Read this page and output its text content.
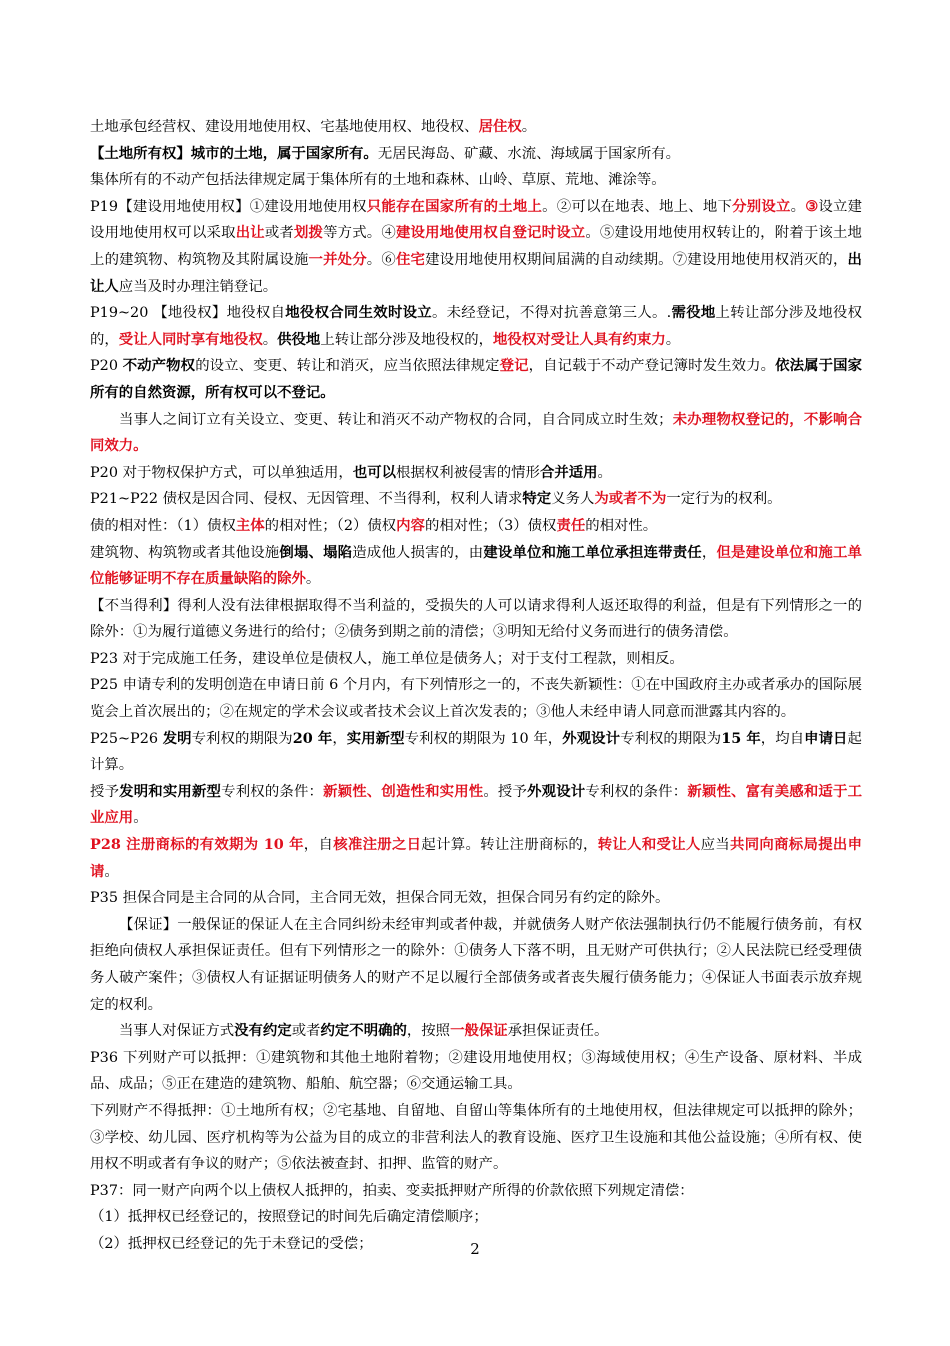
土地承包经营权、建设用地使用权、宅基地使用权、地役权、居住权。
【土地所有权】城市的土地，属于国家所有。无居民海岛、矿藏、水流、海域属于国家所有。
集体所有的不动产包括法律规定属于集体所有的土地和森林、山岭、草原、荒地、滩涂等。
P19【建设用地使用权】①建设用地使用权只能存在国家所有的土地上。②可以在地表、地上、地下分别设立。③设立建设用地使用权可以采取出让或者划拨等方式。④建设用地使用权自登记时设立。⑤建设用地使用权转让的，附着于该土地上的建筑物、构筑物及其附属设施一并处分。⑥住宅建设用地使用权期间届满的自动续期。⑦建设用地使用权消灭的，出让人应当及时办理注销登记。
P19~20 【地役权】地役权自地役权合同生效时设立。未经登记，不得对抗善意第三人。.需役地上转让部分涉及地役权的，受让人同时享有地役权。供役地上转让部分涉及地役权的，地役权对受让人具有约束力。
P20 不动产物权的设立、变更、转让和消灭，应当依照法律规定登记，自记载于不动产登记簿时发生效力。依法属于国家所有的自然资源，所有权可以不登记。
当事人之间订立有关设立、变更、转让和消灭不动产物权的合同，自合同成立时生效；未办理物权登记的，不影响合同效力。
P20 对于物权保护方式，可以单独适用，也可以根据权利被侵害的情形合并适用。
P21~P22 债权是因合同、侵权、无因管理、不当得利，权利人请求特定义务人为或者不为一定行为的权利。
债的相对性：（1）债权主体的相对性；（2）债权内容的相对性；（3）债权责任的相对性。
建筑物、构筑物或者其他设施倒塌、塌陷造成他人损害的，由建设单位和施工单位承担连带责任，但是建设单位和施工单位能够证明不存在质量缺陷的除外。
【不当得利】得利人没有法律根据取得不当利益的，受损失的人可以请求得利人返还取得的利益，但是有下列情形之一的除外：①为履行道德义务进行的给付；②债务到期之前的清偿；③明知无给付义务而进行的债务清偿。
P23 对于完成施工任务，建设单位是债权人，施工单位是债务人；对于支付工程款，则相反。
P25 申请专利的发明创造在申请日前 6 个月内，有下列情形之一的，不丧失新颖性：①在中国政府主办或者承办的国际展览会上首次展出的；②在规定的学术会议或者技术会议上首次发表的；③他人未经申请人同意而泄露其内容的。
P25~P26 发明专利权的期限为20 年，实用新型专利权的期限为 10 年，外观设计专利权的期限为15 年，均自申请日起计算。
授予发明和实用新型专利权的条件：新颖性、创造性和实用性。授予外观设计专利权的条件：新颖性、富有美感和适于工业应用。
P28 注册商标的有效期为 10 年，自核准注册之日起计算。转让注册商标的，转让人和受让人应当共同向商标局提出申请。
P35 担保合同是主合同的从合同，主合同无效，担保合同无效，担保合同另有约定的除外。
【保证】一般保证的保证人在主合同纠纷未经审判或者仲裁，并就债务人财产依法强制执行仍不能履行债务前，有权拒绝向债权人承担保证责任。但有下列情形之一的除外：①债务人下落不明，且无财产可供执行；②人民法院已经受理债务人破产案件；③债权人有证据证明债务人的财产不足以履行全部债务或者丧失履行债务能力；④保证人书面表示放弃规定的权利。
当事人对保证方式没有约定或者约定不明确的，按照一般保证承担保证责任。
P36 下列财产可以抵押：①建筑物和其他土地附着物；②建设用地使用权；③海域使用权；④生产设备、原材料、半成品、成品；⑤正在建造的建筑物、船舶、航空器；⑥交通运输工具。
下列财产不得抵押：①土地所有权；②宅基地、自留地、自留山等集体所有的土地使用权，但法律规定可以抵押的除外；③学校、幼儿园、医疗机构等为公益为目的成立的非营利法人的教育设施、医疗卫生设施和其他公益设施；④所有权、使用权不明或者有争议的财产；⑤依法被查封、扣押、监管的财产。
P37：同一财产向两个以上债权人抵押的，拍卖、变卖抵押财产所得的价款依照下列规定清偿：
（1）抵押权已经登记的，按照登记的时间先后确定清偿顺序；
（2）抵押权已经登记的先于未登记的受偿；	2
